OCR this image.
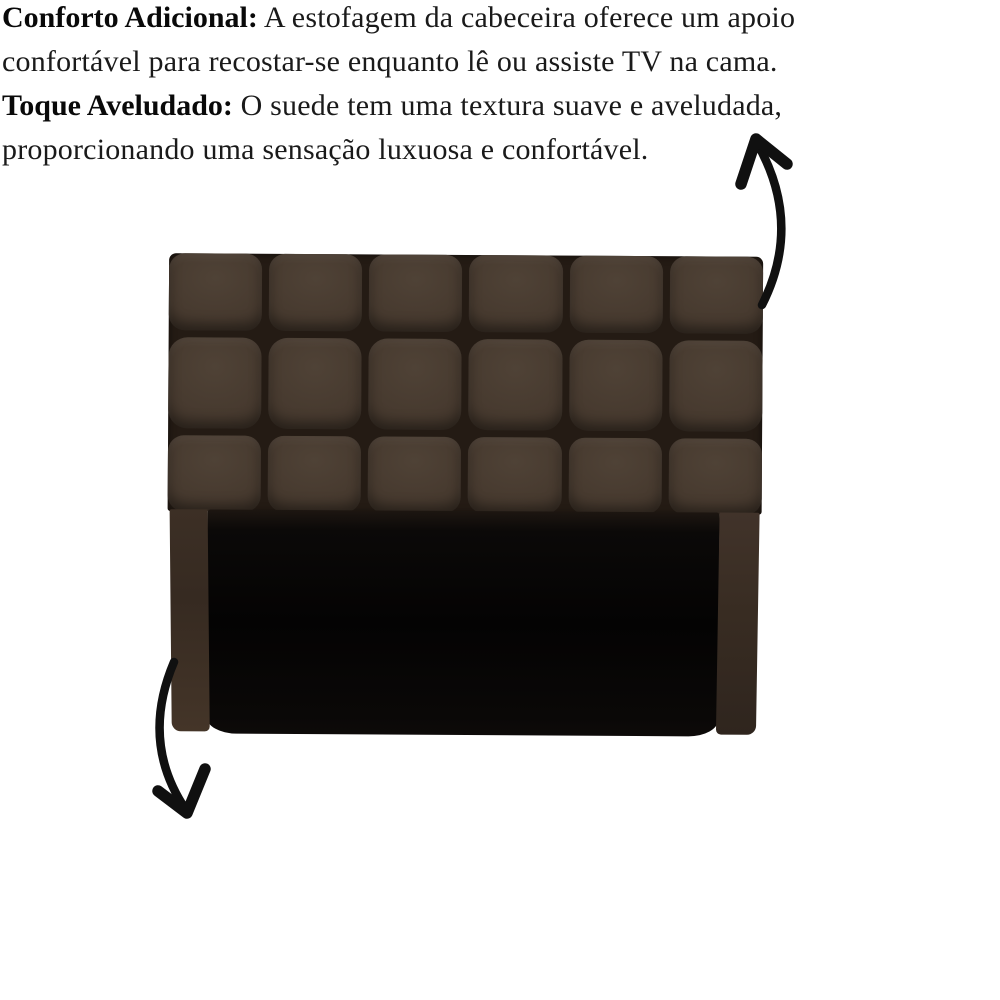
Conforto Adicional: A estofagem da cabeceira oferece um apoio
confortável para recostar-se enquanto lê ou assiste TV na cama.
Toque Aveludado: O suede tem uma textura suave e aveludada,
proporcionando uma sensação luxuosa e confortável.
